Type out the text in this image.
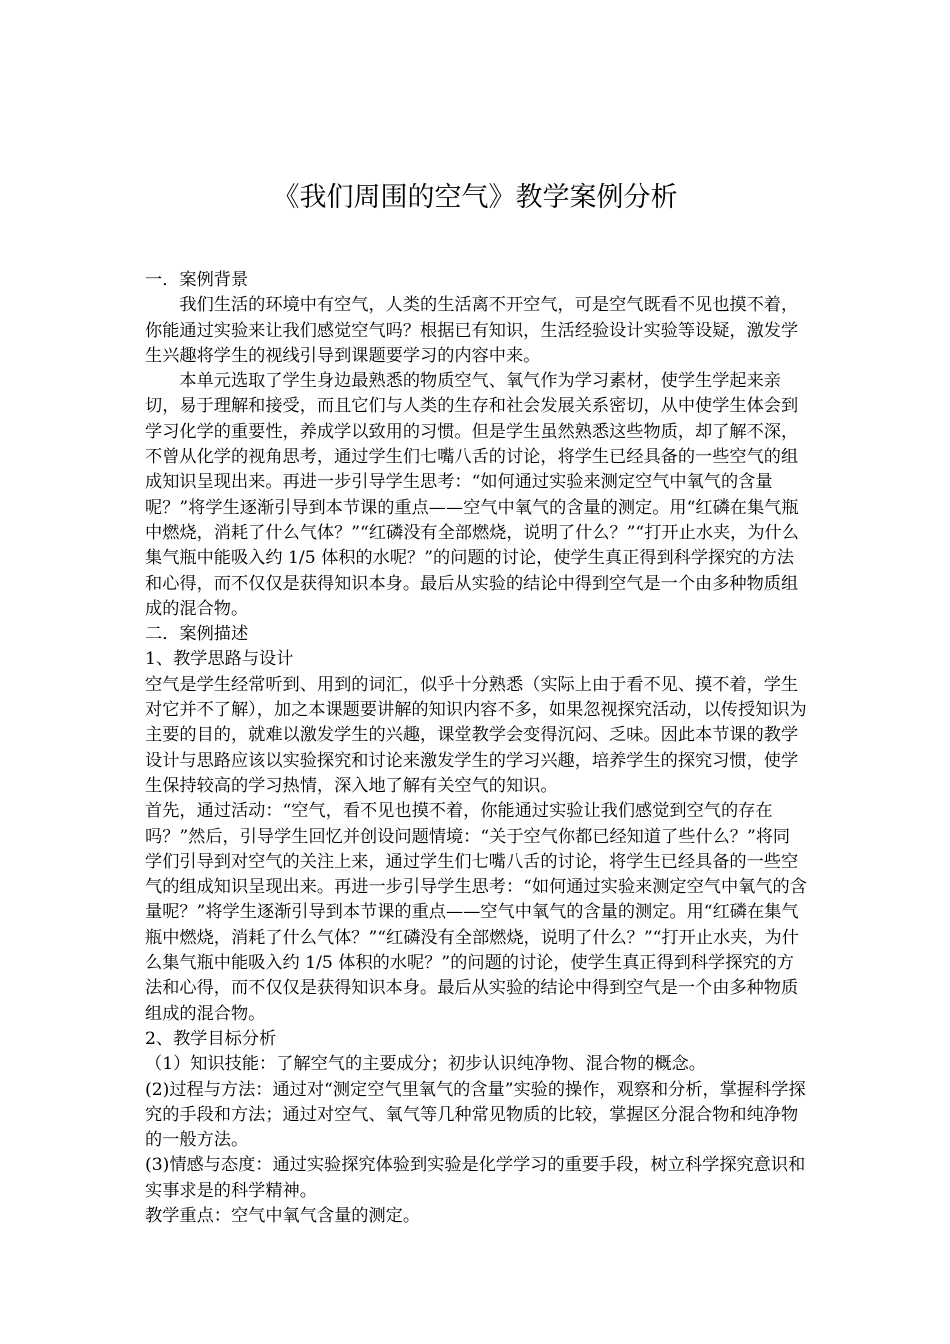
《我们周围的空气》教学案例分析

一．案例背景

我们生活的环境中有空气，人类的生活离不开空气，可是空气既看不见也摸不着，你能通过实验来让我们感觉空气吗？根据已有知识，生活经验设计实验等设疑，激发学生兴趣将学生的视线引导到课题要学习的内容中来。

本单元选取了学生身边最熟悉的物质空气、氧气作为学习素材，使学生学起来亲切，易于理解和接受，而且它们与人类的生存和社会发展关系密切，从中使学生体会到学习化学的重要性，养成学以致用的习惯。但是学生虽然熟悉这些物质，却了解不深，不曾从化学的视角思考，通过学生们七嘴八舌的讨论，将学生已经具备的一些空气的组成知识呈现出来。再进一步引导学生思考：“如何通过实验来测定空气中氧气的含量呢？”将学生逐渐引导到本节课的重点——空气中氧气的含量的测定。用“红磷在集气瓶中燃烧，消耗了什么气体？”“红磷没有全部燃烧，说明了什么？”“打开止水夹，为什么集气瓶中能吸入约 1/5 体积的水呢？”的问题的讨论，使学生真正得到科学探究的方法和心得，而不仅仅是获得知识本身。最后从实验的结论中得到空气是一个由多种物质组成的混合物。

二．案例描述

1、教学思路与设计

空气是学生经常听到、用到的词汇，似乎十分熟悉（实际上由于看不见、摸不着，学生对它并不了解），加之本课题要讲解的知识内容不多，如果忽视探究活动，以传授知识为主要的目的，就难以激发学生的兴趣，课堂教学会变得沉闷、乏味。因此本节课的教学设计与思路应该以实验探究和讨论来激发学生的学习兴趣，培养学生的探究习惯，使学生保持较高的学习热情，深入地了解有关空气的知识。

首先，通过活动：“空气，看不见也摸不着，你能通过实验让我们感觉到空气的存在吗？”然后，引导学生回忆并创设问题情境：“关于空气你都已经知道了些什么？”将同学们引导到对空气的关注上来，通过学生们七嘴八舌的讨论，将学生已经具备的一些空气的组成知识呈现出来。再进一步引导学生思考：“如何通过实验来测定空气中氧气的含量呢？”将学生逐渐引导到本节课的重点——空气中氧气的含量的测定。用“红磷在集气瓶中燃烧，消耗了什么气体？”“红磷没有全部燃烧，说明了什么？”“打开止水夹，为什么集气瓶中能吸入约 1/5 体积的水呢？”的问题的讨论，使学生真正得到科学探究的方法和心得，而不仅仅是获得知识本身。最后从实验的结论中得到空气是一个由多种物质组成的混合物。

2、教学目标分析

（1）知识技能：了解空气的主要成分；初步认识纯净物、混合物的概念。

(2)过程与方法：通过对“测定空气里氧气的含量”实验的操作，观察和分析，掌握科学探究的手段和方法；通过对空气、氧气等几种常见物质的比较，掌握区分混合物和纯净物的一般方法。

(3)情感与态度：通过实验探究体验到实验是化学学习的重要手段，树立科学探究意识和实事求是的科学精神。

教学重点：空气中氧气含量的测定。
